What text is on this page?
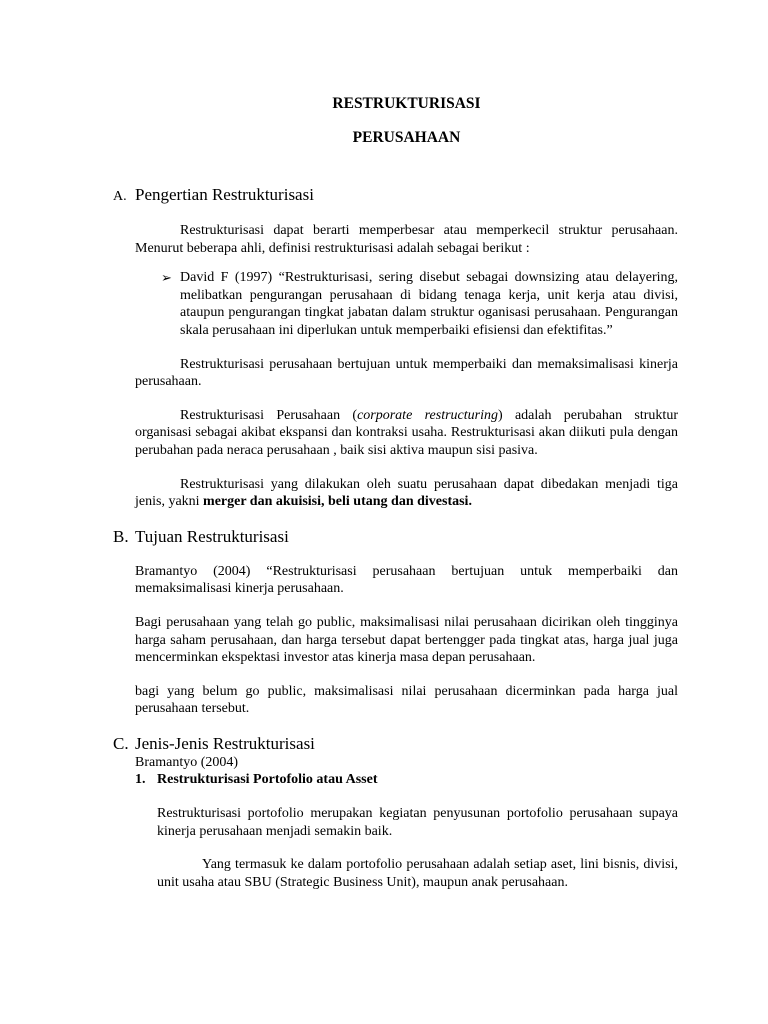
RESTRUKTURISASI

PERUSAHAAN

A. Pengertian Restrukturisasi

Restrukturisasi dapat berarti memperbesar atau memperkecil struktur perusahaan. Menurut beberapa ahli, definisi restrukturisasi adalah sebagai berikut :

➢ David F (1997) “Restrukturisasi, sering disebut sebagai downsizing atau delayering, melibatkan pengurangan perusahaan di bidang tenaga kerja, unit kerja atau divisi, ataupun pengurangan tingkat jabatan dalam struktur oganisasi perusahaan. Pengurangan skala perusahaan ini diperlukan untuk memperbaiki efisiensi dan efektifitas.”

Restrukturisasi perusahaan bertujuan untuk memperbaiki dan memaksimalisasi kinerja perusahaan.

Restrukturisasi Perusahaan (corporate restructuring) adalah perubahan struktur organisasi sebagai akibat ekspansi dan kontraksi usaha. Restrukturisasi akan diikuti pula dengan perubahan pada neraca perusahaan , baik sisi aktiva maupun sisi pasiva.

Restrukturisasi yang dilakukan oleh suatu perusahaan dapat dibedakan menjadi tiga jenis, yakni merger dan akuisisi, beli utang dan divestasi.

B. Tujuan Restrukturisasi

Bramantyo (2004) “Restrukturisasi perusahaan bertujuan untuk memperbaiki dan memaksimalisasi kinerja perusahaan.

Bagi perusahaan yang telah go public, maksimalisasi nilai perusahaan dicirikan oleh tingginya harga saham perusahaan, dan harga tersebut dapat bertengger pada tingkat atas, harga jual juga mencerminkan ekspektasi investor atas kinerja masa depan perusahaan.

bagi yang belum go public, maksimalisasi nilai perusahaan dicerminkan pada harga jual perusahaan tersebut.

C. Jenis-Jenis Restrukturisasi

Bramantyo (2004)

1. Restrukturisasi Portofolio atau Asset

Restrukturisasi portofolio merupakan kegiatan penyusunan portofolio perusahaan supaya kinerja perusahaan menjadi semakin baik.

Yang termasuk ke dalam portofolio perusahaan adalah setiap aset, lini bisnis, divisi, unit usaha atau SBU (Strategic Business Unit), maupun anak perusahaan.
